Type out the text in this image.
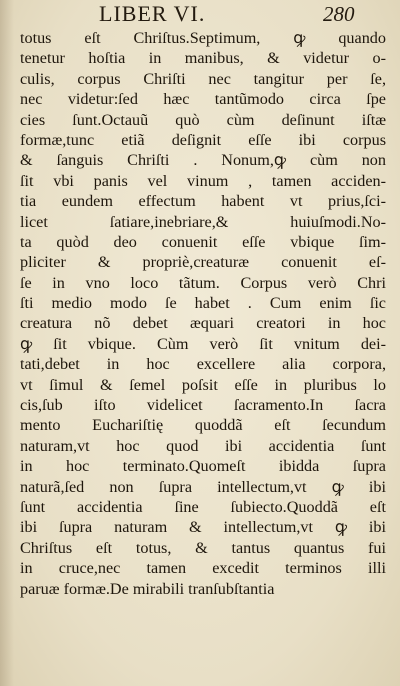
LIBER VI.	280
totus eſt Chriſtus.Septimum, ꝙ quando
tenetur hoſtia in manibus, & videtur o-
culis, corpus Chriſti nec tangitur per ſe,
nec videtur:ſed hæc tantũmodo circa ſpe
cies ſunt.Octauũ quò cùm deſinunt iſtæ
formæ,tunc etiã deſignit eſſe ibi corpus
& ſanguis Chriſti . Nonum,ꝙ cùm non
ſit vbi panis vel vinum , tamen acciden-
tia eundem effectum habent vt prius,ſci-
licet ſatiare,inebriare,& huiuſmodi.No-
ta quòd deo conuenit eſſe vbique ſim-
pliciter & propriè,creaturæ conuenit eſ-
ſe in vno loco tãtum. Corpus verò Chri
ſti medio modo ſe habet . Cum enim ſic
creatura nõ debet æquari creatori in hoc
ꝙ ſit vbique. Cùm verò ſit vnitum dei-
tati,debet in hoc excellere alia corpora,
vt ſimul & ſemel poſsit eſſe in pluribus lo
cis,ſub iſto videlicet ſacramento.In ſacra
mento Euchariſtię quoddã eſt ſecundum
naturam,vt hoc quod ibi accidentia ſunt
in hoc terminato.Quomeſt ibidda ſupra
naturã,ſed non ſupra intellectum,vt ꝙ ibi
ſunt accidentia ſine ſubiecto.Quoddã eſt
ibi ſupra naturam & intellectum,vt ꝙ ibi
Chriſtus eſt totus, & tantus quantus fui
in cruce,nec tamen excedit terminos illi
paruæ formæ.De mirabili tranſubſtantia
